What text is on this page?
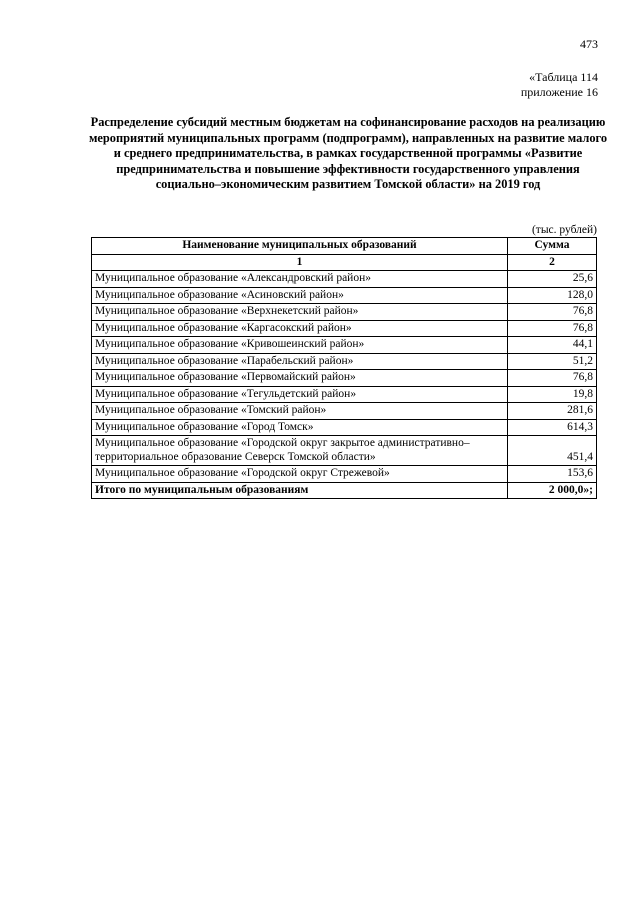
473
«Таблица 114
приложение 16
Распределение субсидий местным бюджетам на софинансирование расходов на реализацию мероприятий муниципальных программ (подпрограмм), направленных на развитие малого и среднего предпринимательства, в рамках государственной программы «Развитие предпринимательства и повышение эффективности государственного управления социально–экономическим развитием Томской области» на 2019 год
(тыс. рублей)
Наименование муниципальных образований	Сумма
1	2
Муниципальное образование «Александровский район»	25,6
Муниципальное образование «Асиновский район»	128,0
Муниципальное образование «Верхнекетский район»	76,8
Муниципальное образование «Каргасокский район»	76,8
Муниципальное образование «Кривошеинский район»	44,1
Муниципальное образование «Парабельский район»	51,2
Муниципальное образование «Первомайский район»	76,8
Муниципальное образование «Тегульдетский район»	19,8
Муниципальное образование «Томский район»	281,6
Муниципальное образование «Город Томск»	614,3
Муниципальное образование «Городской округ закрытое административно–территориальное образование Северск Томской области»	451,4
Муниципальное образование «Городской округ Стрежевой»	153,6
Итого по муниципальным образованиям	2 000,0»;
